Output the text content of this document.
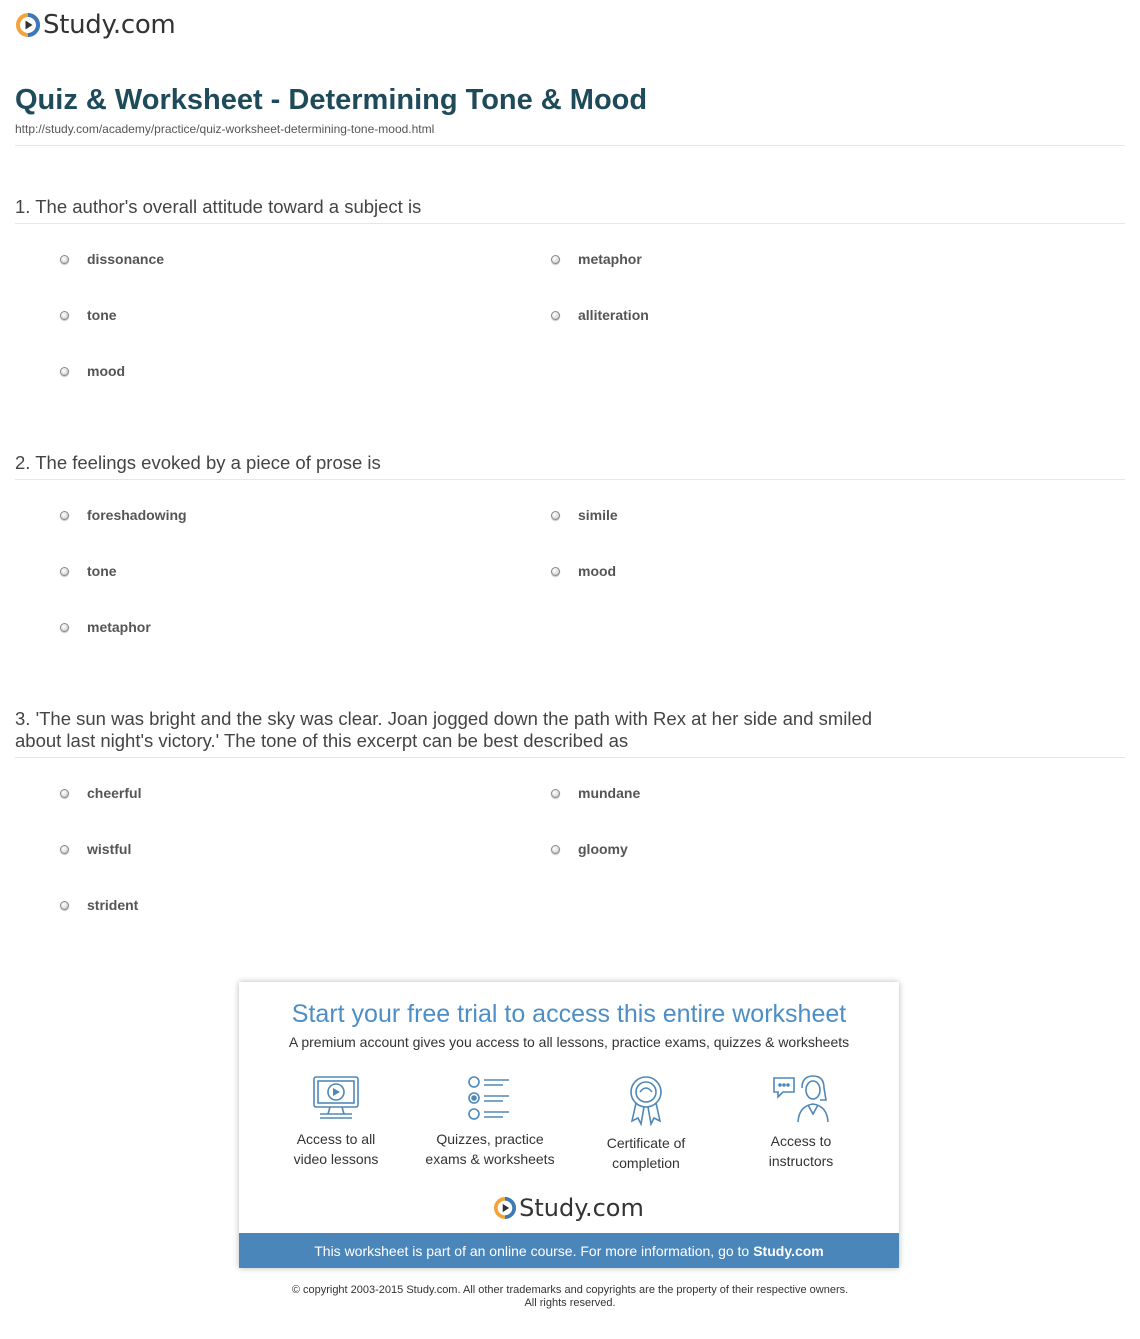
Study.com
Quiz & Worksheet - Determining Tone & Mood
http://study.com/academy/practice/quiz-worksheet-determining-tone-mood.html
1. The author's overall attitude toward a subject is
dissonance	metaphor
tone	alliteration
mood
2. The feelings evoked by a piece of prose is
foreshadowing	simile
tone	mood
metaphor
3. 'The sun was bright and the sky was clear. Joan jogged down the path with Rex at her side and smiled about last night's victory.' The tone of this excerpt can be best described as
cheerful	mundane
wistful	gloomy
strident
Start your free trial to access this entire worksheet
A premium account gives you access to all lessons, practice exams, quizzes & worksheets
Access to all
video lessons
Quizzes, practice
exams & worksheets
Certificate of
completion
Access to
instructors
Study.com
This worksheet is part of an online course. For more information, go to Study.com
© copyright 2003-2015 Study.com. All other trademarks and copyrights are the property of their respective owners.
All rights reserved.
